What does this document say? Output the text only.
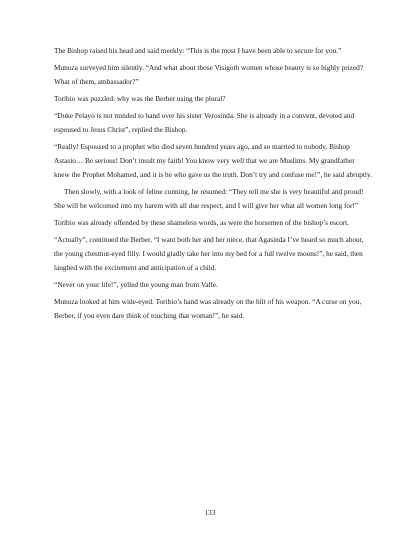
The Bishop raised his head and said meekly: “This is the most I have been able to secure for you.”

Munuza surveyed him silently. “And what about those Visigoth women whose beauty is so highly prized? What of them, ambassador?”

Toribio was puzzled: why was the Berber using the plural?

“Duke Pelayo is not minded to hand over his sister Verosinda. She is already in a convent, devoted and espoused to Jesus Christ”, replied the Bishop.

“Really! Espoused to a prophet who died seven hundred years ago, and so married to nobody, Bishop Astasio… Be serious! Don’t insult my faith! You know very well that we are Muslims. My grandfather knew the Prophet Mohamed, and it is he who gave us the truth. Don’t try and confuse me!”, he said abruptly.

Then slowly, with a look of feline cunning, he resumed: “They tell me she is very beautiful and proud! She will be welcomed into my harem with all due respect, and I will give her what all women long for!”

Toribio was already offended by these shameless words, as were the horsemen of the bishop’s escort.

“Actually”, continued the Berber, “I want both her and her niece, that Agasinda I’ve heard so much about, the young chestnut-eyed filly. I would gladly take her into my bed for a full twelve moons!”, he said, then laughed with the excitement and anticipation of a child.

“Never on your life!”, yelled the young man from Valle.

Munuza looked at him wide-eyed. Toribio’s hand was already on the hilt of his weapon. “A curse on you, Berber, if you even dare think of touching that woman!”, he said.

133
